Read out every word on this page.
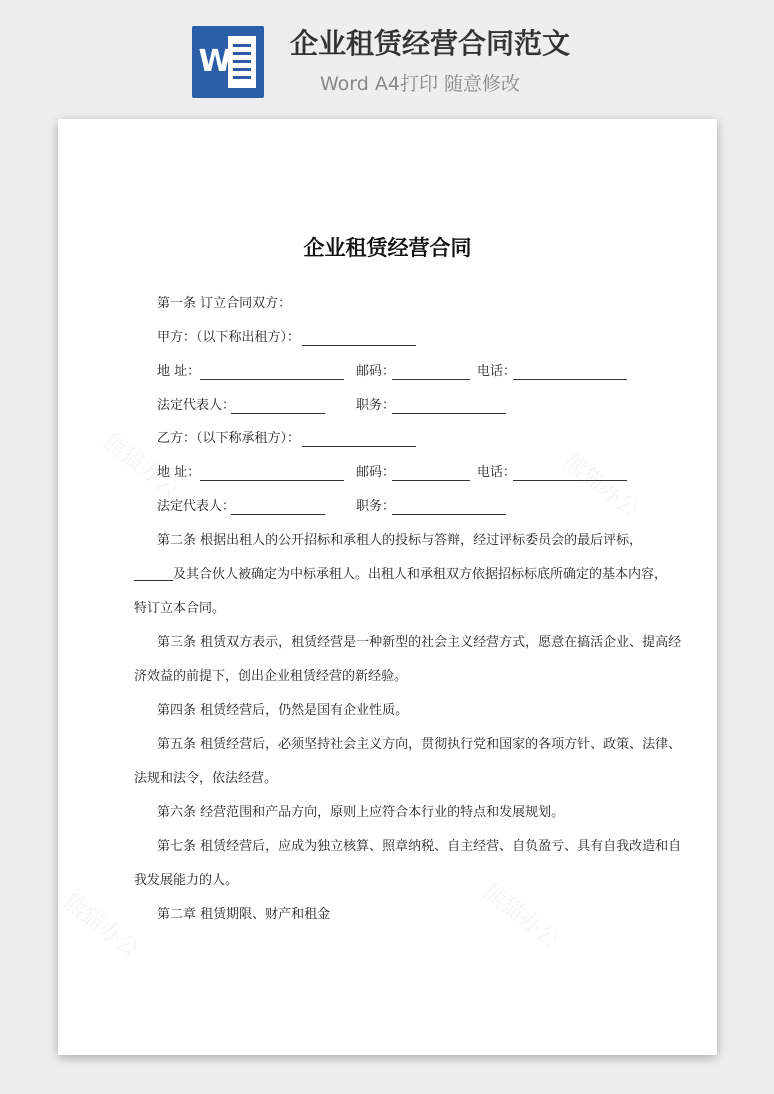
W
企业租赁经营合同范文
Word A4打印 随意修改
企业租赁经营合同
第一条 订立合同双方：
甲方：（以下称出租方）：
地 址：	邮码：	电话：
法定代表人：	职务：
乙方：（以下称承租方）：
地 址：	邮码：	电话：
法定代表人：	职务：
第二条 根据出租人的公开招标和承租人的投标与答辩，经过评标委员会的最后评标，
______及其合伙人被确定为中标承租人。出租人和承租双方依据招标标底所确定的基本内容，
特订立本合同。
第三条 租赁双方表示，租赁经营是一种新型的社会主义经营方式，愿意在搞活企业、提高经
济效益的前提下，创出企业租赁经营的新经验。
第四条 租赁经营后，仍然是国有企业性质。
第五条 租赁经营后，必须坚持社会主义方向，贯彻执行党和国家的各项方针、政策、法律、
法规和法令，依法经营。
第六条 经营范围和产品方向，原则上应符合本行业的特点和发展规划。
第七条 租赁经营后，应成为独立核算、照章纳税、自主经营、自负盈亏、具有自我改造和自
我发展能力的人。
第二章 租赁期限、财产和租金
